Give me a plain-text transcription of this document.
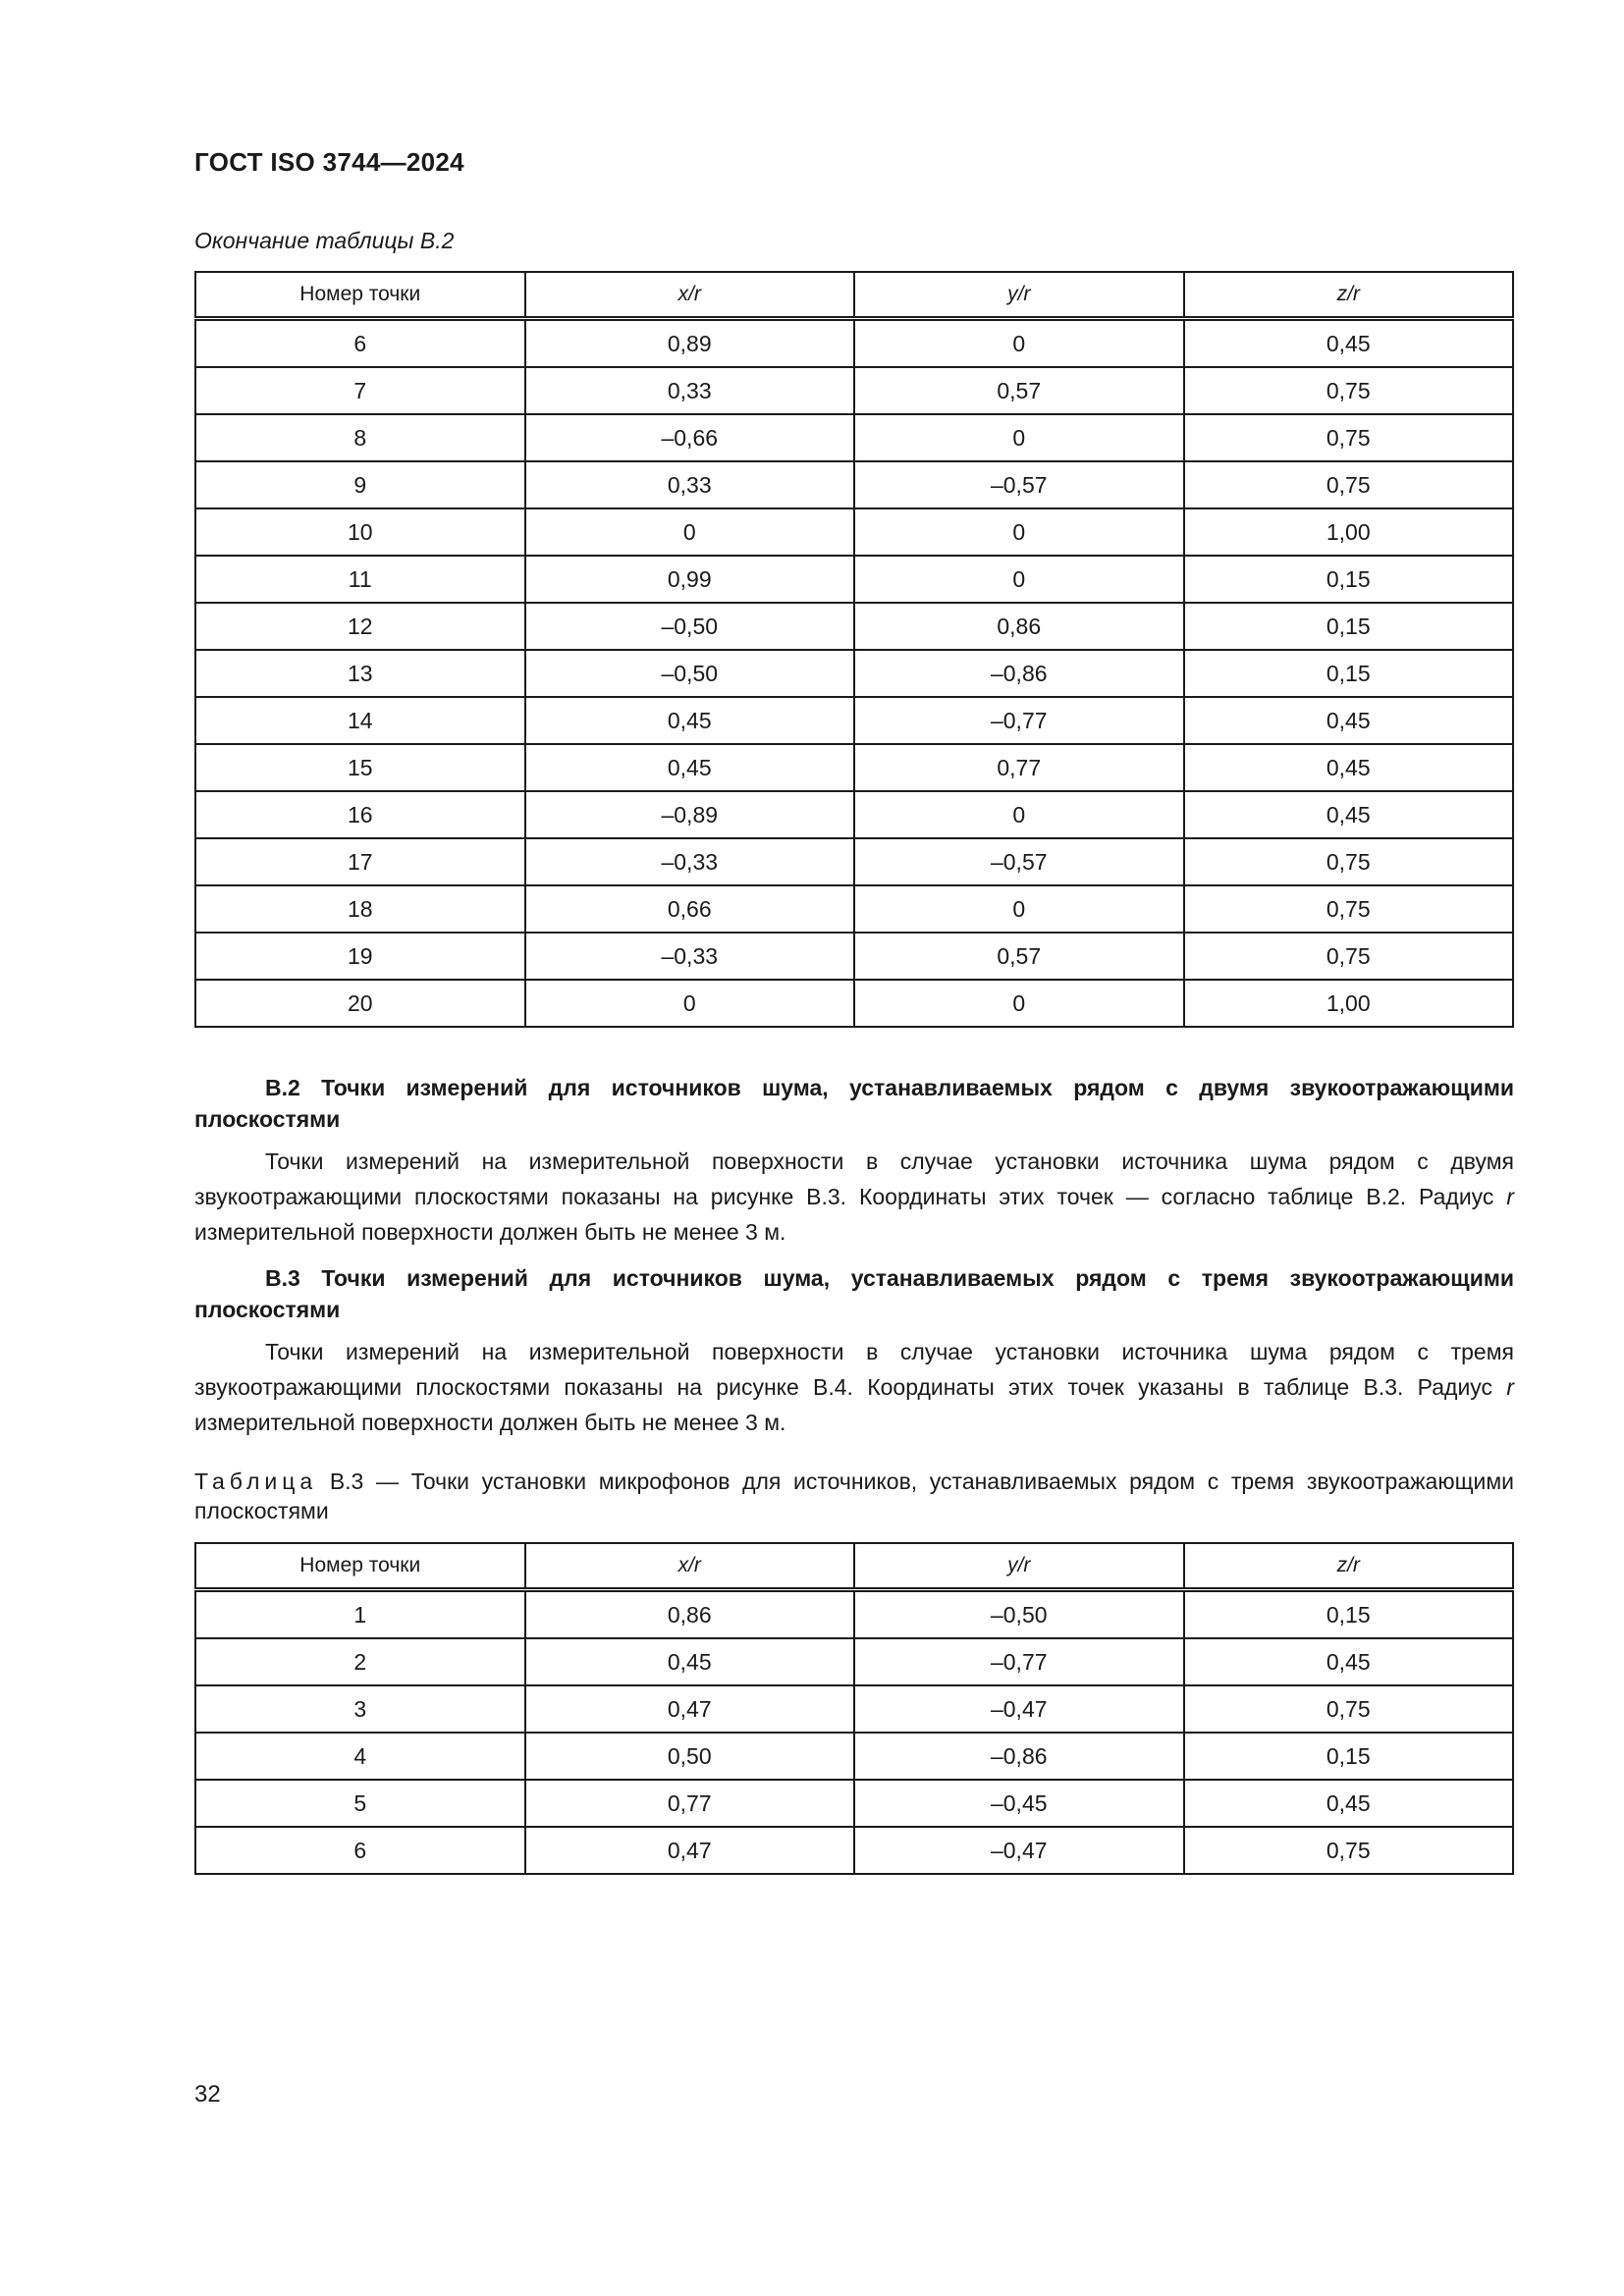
ГОСТ ISO 3744—2024
Окончание таблицы B.2
Номер точки	x/r	y/r	z/r
6	0,89	0	0,45
7	0,33	0,57	0,75
8	–0,66	0	0,75
9	0,33	–0,57	0,75
10	0	0	1,00
11	0,99	0	0,15
12	–0,50	0,86	0,15
13	–0,50	–0,86	0,15
14	0,45	–0,77	0,45
15	0,45	0,77	0,45
16	–0,89	0	0,45
17	–0,33	–0,57	0,75
18	0,66	0	0,75
19	–0,33	0,57	0,75
20	0	0	1,00
B.2 Точки измерений для источников шума, устанавливаемых рядом с двумя звукоотражающими плоскостями
Точки измерений на измерительной поверхности в случае установки источника шума рядом с двумя звукоотражающими плоскостями показаны на рисунке B.3. Координаты этих точек — согласно таблице B.2. Радиус r измерительной поверхности должен быть не менее 3 м.
B.3 Точки измерений для источников шума, устанавливаемых рядом с тремя звукоотражающими плоскостями
Точки измерений на измерительной поверхности в случае установки источника шума рядом с тремя звукоотражающими плоскостями показаны на рисунке B.4. Координаты этих точек указаны в таблице B.3. Радиус r измерительной поверхности должен быть не менее 3 м.
Таблица B.3 — Точки установки микрофонов для источников, устанавливаемых рядом с тремя звукоотражающими плоскостями
Номер точки	x/r	y/r	z/r
1	0,86	–0,50	0,15
2	0,45	–0,77	0,45
3	0,47	–0,47	0,75
4	0,50	–0,86	0,15
5	0,77	–0,45	0,45
6	0,47	–0,47	0,75
32
